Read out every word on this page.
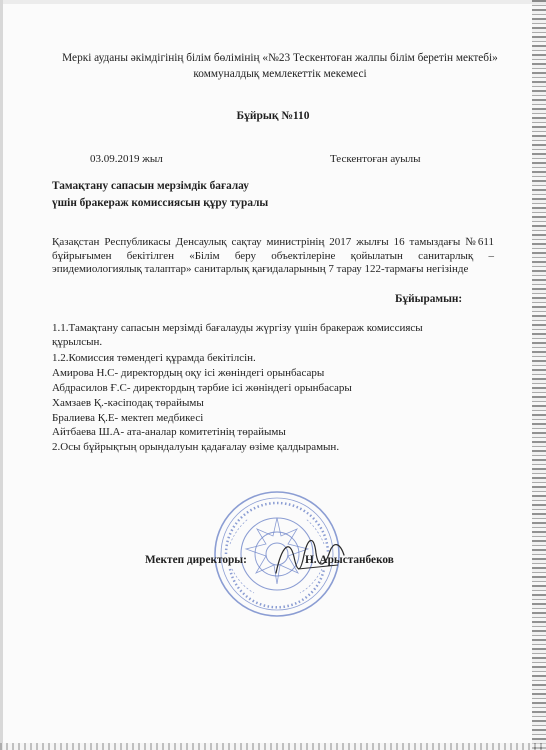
Меркі ауданы әкімдігінің білім бөлімінің «№23 Тескентоған жалпы білім беретін мектебі» коммуналдық мемлекеттік мекемесі
Бұйрық №110
03.09.2019 жыл	Тескентоған ауылы
Тамақтану сапасын мерзімдік бағалау
үшін бракераж комиссиясын құру туралы
Қазақстан Республикасы Денсаулық сақтау министрінің 2017 жылғы 16 тамыздағы №611 бұйрығымен бекітілген «Білім беру объектілеріне қойылатын санитарлық – эпидемиологиялық талаптар» санитарлық қағидаларының 7 тарау 122-тармағы негізінде
Бұйырамын:
1.1.Тамақтану сапасын мерзімді бағалауды жүргізу үшін бракераж комиссиясы
құрылсын.
1.2.Комиссия төмендегі құрамда бекітілсін.
Амирова Н.С- директордың оқу ісі жөніндегі орынбасары
Абдрасилов Ғ.С- директордың тәрбие ісі жөніндегі орынбасары
Хамзаев Қ.-кәсіподақ төрайымы
Бралиева Қ.Е- мектеп медбикесі
Айтбаева Ш.А- ата-аналар комитетінің төрайымы
2.Осы бұйрықтың орындалуын қадағалау өзіме қалдырамын.
Мектеп директоры:	Н. Арыстанбеков
